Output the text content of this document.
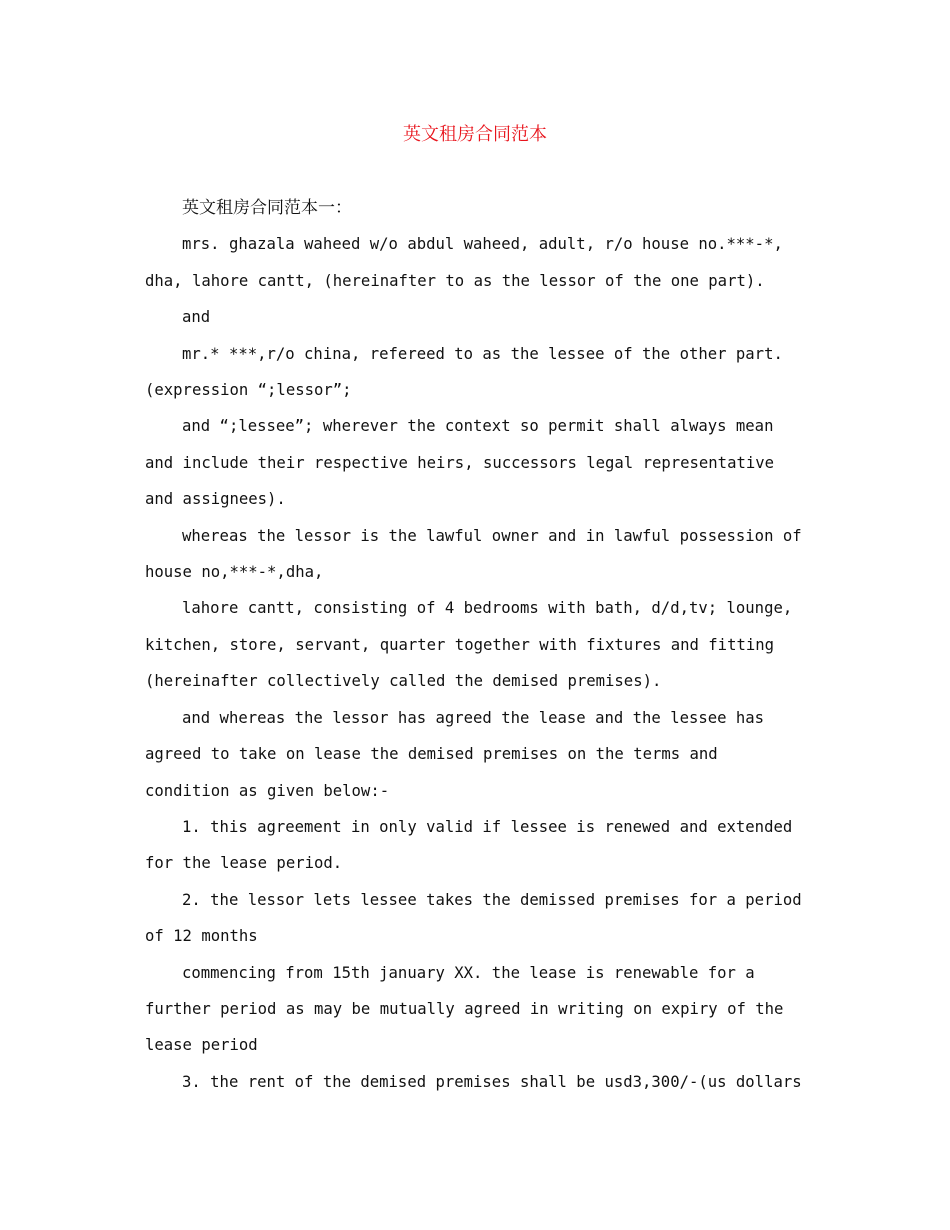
英文租房合同范本

英文租房合同范本一：

mrs. ghazala waheed w/o abdul waheed, adult, r/o house no.***-*, dha, lahore cantt, (hereinafter to as the lessor of the one part).

and

mr.* ***,r/o china, refereed to as the lessee of the other part. (expression “;lessor”;

and “;lessee”; wherever the context so permit shall always mean and include their respective heirs, successors legal representative and assignees).

whereas the lessor is the lawful owner and in lawful possession of house no,***-*,dha,

lahore cantt, consisting of 4 bedrooms with bath, d/d,tv; lounge, kitchen, store, servant, quarter together with fixtures and fitting (hereinafter collectively called the demised premises).

and whereas the lessor has agreed the lease and the lessee has agreed to take on lease the demised premises on the terms and condition as given below:-

1. this agreement in only valid if lessee is renewed and extended for the lease period.

2. the lessor lets lessee takes the demissed premises for a period of 12 months

commencing from 15th january XX. the lease is renewable for a further period as may be mutually agreed in writing on expiry of the lease period

3. the rent of the demised premises shall be usd3,300/-(us dollars
